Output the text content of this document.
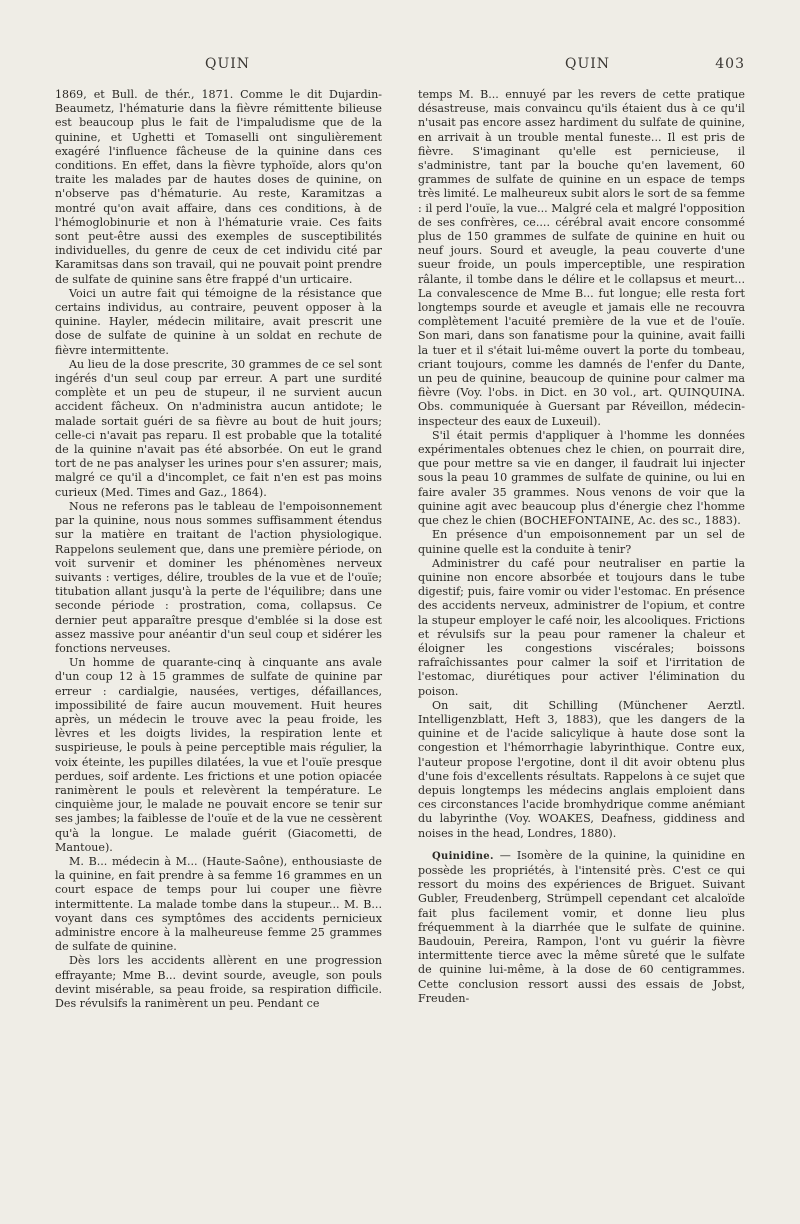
QUIN	QUIN	403

1869, et Bull. de thér., 1871. Comme le dit Dujardin-Beaumetz, l'hématurie dans la fièvre rémittente bilieuse est beaucoup plus le fait de l'impaludisme que de la quinine, et Ughetti et Tomaselli ont singulièrement exagéré l'influence fâcheuse de la quinine dans ces conditions. En effet, dans la fièvre typhoïde, alors qu'on traite les malades par de hautes doses de quinine, on n'observe pas d'hématurie. Au reste, Karamitzas a montré qu'on avait affaire, dans ces conditions, à de l'hémoglobinurie et non à l'hématurie vraie. Ces faits sont peut-être aussi des exemples de susceptibilités individuelles, du genre de ceux de cet individu cité par Karamitsas dans son travail, qui ne pouvait point prendre de sulfate de quinine sans être frappé d'un urticaire.

Voici un autre fait qui témoigne de la résistance que certains individus, au contraire, peuvent opposer à la quinine. Hayler, médecin militaire, avait prescrit une dose de sulfate de quinine à un soldat en rechute de fièvre intermittente.

Au lieu de la dose prescrite, 30 grammes de ce sel sont ingérés d'un seul coup par erreur. A part une surdité complète et un peu de stupeur, il ne survient aucun accident fâcheux. On n'administra aucun antidote; le malade sortait guéri de sa fièvre au bout de huit jours; celle-ci n'avait pas reparu. Il est probable que la totalité de la quinine n'avait pas été absorbée. On eut le grand tort de ne pas analyser les urines pour s'en assurer; mais, malgré ce qu'il a d'incomplet, ce fait n'en est pas moins curieux (Med. Times and Gaz., 1864).

Nous ne referons pas le tableau de l'empoisonnement par la quinine, nous nous sommes suffisamment étendus sur la matière en traitant de l'action physiologique. Rappelons seulement que, dans une première période, on voit survenir et dominer les phénomènes nerveux suivants : vertiges, délire, troubles de la vue et de l'ouïe; titubation allant jusqu'à la perte de l'équilibre; dans une seconde période : prostration, coma, collapsus. Ce dernier peut apparaître presque d'emblée si la dose est assez massive pour anéantir d'un seul coup et sidérer les fonctions nerveuses.

Un homme de quarante-cinq à cinquante ans avale d'un coup 12 à 15 grammes de sulfate de quinine par erreur : cardialgie, nausées, vertiges, défaillances, impossibilité de faire aucun mouvement. Huit heures après, un médecin le trouve avec la peau froide, les lèvres et les doigts livides, la respiration lente et suspirieuse, le pouls à peine perceptible mais régulier, la voix éteinte, les pupilles dilatées, la vue et l'ouïe presque perdues, soif ardente. Les frictions et une potion opiacée ranimèrent le pouls et relevèrent la température. Le cinquième jour, le malade ne pouvait encore se tenir sur ses jambes; la faiblesse de l'ouïe et de la vue ne cessèrent qu'à la longue. Le malade guérit (Giacometti, de Mantoue).

M. B... médecin à M... (Haute-Saône), enthousiaste de la quinine, en fait prendre à sa femme 16 grammes en un court espace de temps pour lui couper une fièvre intermittente. La malade tombe dans la stupeur... M. B... voyant dans ces symptômes des accidents pernicieux administre encore à la malheureuse femme 25 grammes de sulfate de quinine.

Dès lors les accidents allèrent en une progression effrayante; Mme B... devint sourde, aveugle, son pouls devint misérable, sa peau froide, sa respiration difficile. Des révulsifs la ranimèrent un peu. Pendant ce

temps M. B... ennuyé par les revers de cette pratique désastreuse, mais convaincu qu'ils étaient dus à ce qu'il n'usait pas encore assez hardiment du sulfate de quinine, en arrivait à un trouble mental funeste... Il est pris de fièvre. S'imaginant qu'elle est pernicieuse, il s'administre, tant par la bouche qu'en lavement, 60 grammes de sulfate de quinine en un espace de temps très limité. Le malheureux subit alors le sort de sa femme : il perd l'ouïe, la vue... Malgré cela et malgré l'opposition de ses confrères, ce.... cérébral avait encore consommé plus de 150 grammes de sulfate de quinine en huit ou neuf jours. Sourd et aveugle, la peau couverte d'une sueur froide, un pouls imperceptible, une respiration râlante, il tombe dans le délire et le collapsus et meurt... La convalescence de Mme B... fut longue; elle resta fort longtemps sourde et aveugle et jamais elle ne recouvra complètement l'acuité première de la vue et de l'ouïe. Son mari, dans son fanatisme pour la quinine, avait failli la tuer et il s'était lui-même ouvert la porte du tombeau, criant toujours, comme les damnés de l'enfer du Dante, un peu de quinine, beaucoup de quinine pour calmer ma fièvre (Voy. l'obs. in Dict. en 30 vol., art. QUINQUINA. Obs. communiquée à Guersant par Réveillon, médecin-inspecteur des eaux de Luxeuil).

S'il était permis d'appliquer à l'homme les données expérimentales obtenues chez le chien, on pourrait dire, que pour mettre sa vie en danger, il faudrait lui injecter sous la peau 10 grammes de sulfate de quinine, ou lui en faire avaler 35 grammes. Nous venons de voir que la quinine agit avec beaucoup plus d'énergie chez l'homme que chez le chien (BOCHEFONTAINE, Ac. des sc., 1883).

En présence d'un empoisonnement par un sel de quinine quelle est la conduite à tenir?

Administrer du café pour neutraliser en partie la quinine non encore absorbée et toujours dans le tube digestif; puis, faire vomir ou vider l'estomac. En présence des accidents nerveux, administrer de l'opium, et contre la stupeur employer le café noir, les alcooliques. Frictions et révulsifs sur la peau pour ramener la chaleur et éloigner les congestions viscérales; boissons rafraîchissantes pour calmer la soif et l'irritation de l'estomac, diurétiques pour activer l'élimination du poison.

On sait, dit Schilling (Münchener Aerztl. Intelligenzblatt, Heft 3, 1883), que les dangers de la quinine et de l'acide salicylique à haute dose sont la congestion et l'hémorrhagie labyrinthique. Contre eux, l'auteur propose l'ergotine, dont il dit avoir obtenu plus d'une fois d'excellents résultats. Rappelons à ce sujet que depuis longtemps les médecins anglais emploient dans ces circonstances l'acide bromhydrique comme anémiant du labyrinthe (Voy. WOAKES, Deafness, giddiness and noises in the head, Londres, 1880).

Quinidine. — Isomère de la quinine, la quinidine en possède les propriétés, à l'intensité près. C'est ce qui ressort du moins des expériences de Briguet. Suivant Gubler, Freudenberg, Strümpell cependant cet alcaloïde fait plus facilement vomir, et donne lieu plus fréquemment à la diarrhée que le sulfate de quinine. Baudouin, Pereira, Rampon, l'ont vu guérir la fièvre intermittente tierce avec la même sûreté que le sulfate de quinine lui-même, à la dose de 60 centigrammes. Cette conclusion ressort aussi des essais de Jobst, Freuden-
